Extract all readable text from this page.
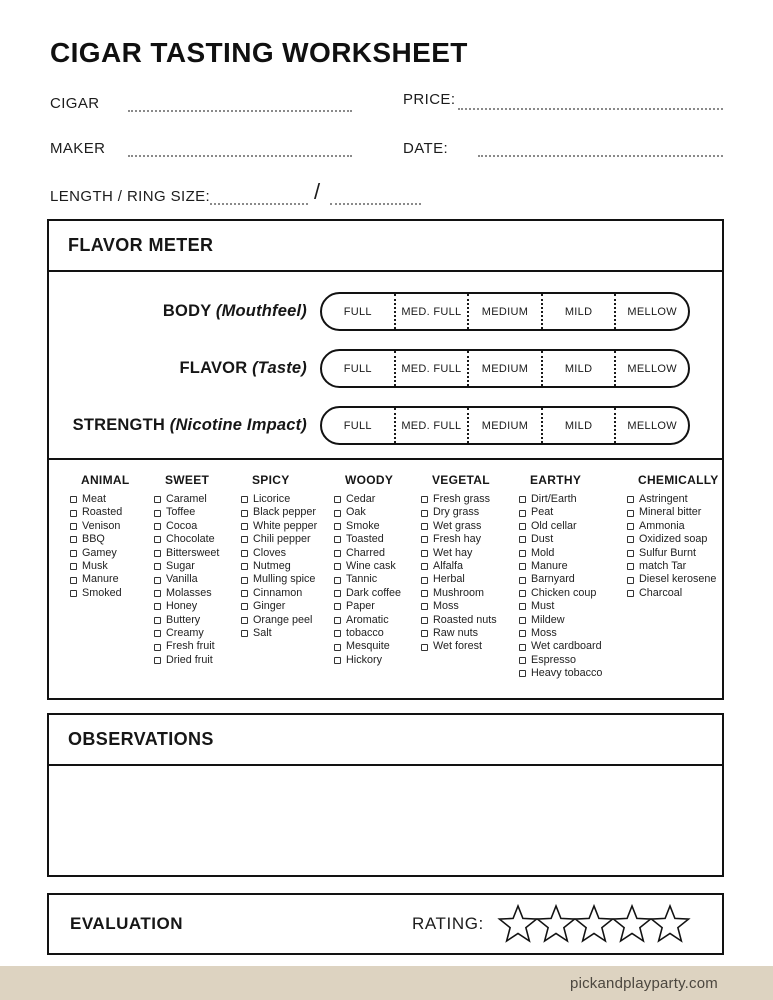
CIGAR TASTING WORKSHEET
CIGAR	PRICE:
MAKER	DATE:
LENGTH / RING SIZE:	/
FLAVOR METER
BODY (Mouthfeel)	FULL	MED. FULL	MEDIUM	MILD	MELLOW
FLAVOR (Taste)	FULL	MED. FULL	MEDIUM	MILD	MELLOW
STRENGTH (Nicotine Impact)	FULL	MED. FULL	MEDIUM	MILD	MELLOW
ANIMAL
Meat
Roasted
Venison
BBQ
Gamey
Musk
Manure
Smoked
SWEET
Caramel
Toffee
Cocoa
Chocolate
Bittersweet
Sugar
Vanilla
Molasses
Honey
Buttery
Creamy
Fresh fruit
Dried fruit
SPICY
Licorice
Black pepper
White pepper
Chili pepper
Cloves
Nutmeg
Mulling spice
Cinnamon
Ginger
Orange peel
Salt
WOODY
Cedar
Oak
Smoke
Toasted
Charred
Wine cask
Tannic
Dark coffee
Paper
Aromatic
tobacco
Mesquite
Hickory
VEGETAL
Fresh grass
Dry grass
Wet grass
Fresh hay
Wet hay
Alfalfa
Herbal
Mushroom
Moss
Roasted nuts
Raw nuts
Wet forest
EARTHY
Dirt/Earth
Peat
Old cellar
Dust
Mold
Manure
Barnyard
Chicken coup
Must
Mildew
Moss
Wet cardboard
Espresso
Heavy tobacco
CHEMICALLY
Astringent
Mineral bitter
Ammonia
Oxidized soap
Sulfur Burnt
match Tar
Diesel kerosene
Charcoal
OBSERVATIONS
EVALUATION	RATING:
pickandplayparty.com
